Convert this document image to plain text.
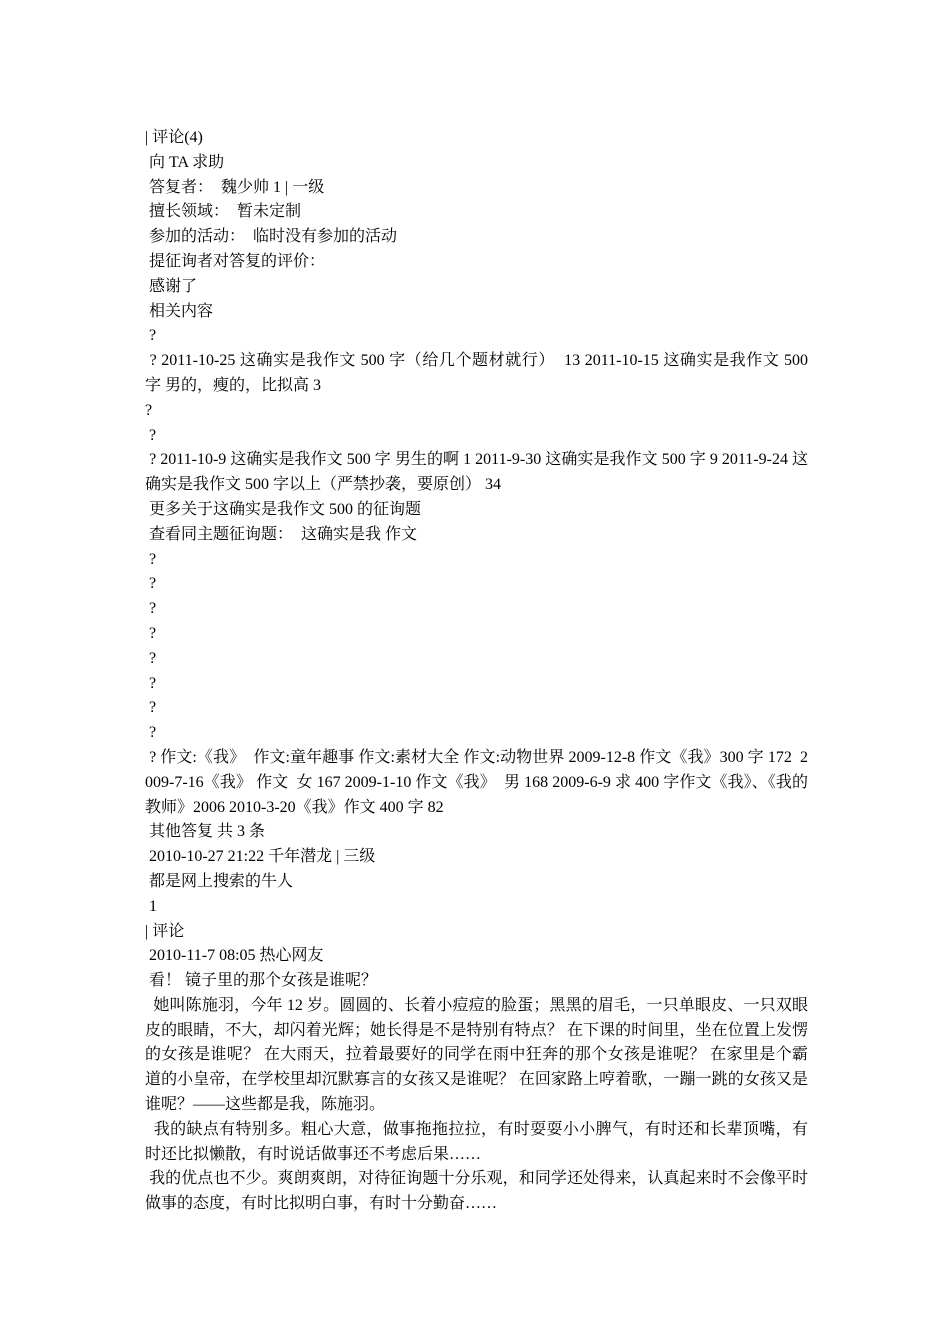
| 评论(4)
向 TA 求助
答复者：  魏少帅 1 | 一级
擅长领域：  暂未定制
参加的活动：  临时没有参加的活动
提征询者对答复的评价：
感谢了
相关内容
?
? 2011-10-25 这确实是我作文 500 字（给几个题材就行）  13 2011-10-15 这确实是我作文 500 字 男的，瘦的，比拟高 3
?
?
? 2011-10-9 这确实是我作文 500 字 男生的啊 1 2011-9-30 这确实是我作文 500 字 9 2011-9-24 这确实是我作文 500 字以上（严禁抄袭，要原创） 34
更多关于这确实是我作文 500 的征询题
查看同主题征询题：  这确实是我 作文
?
?
?
?
?
?
?
?
? 作文:《我》  作文:童年趣事 作文:素材大全 作文:动物世界 2009-12-8 作文《我》300 字 172  2009-7-16《我》 作文  女 167 2009-1-10 作文《我》  男 168 2009-6-9 求 400 字作文《我》、《我的教师》2006 2010-3-20《我》作文 400 字 82
其他答复 共 3 条
2010-10-27 21:22 千年潜龙 | 三级
都是网上搜索的牛人
1
| 评论
2010-11-7 08:05 热心网友
看！ 镜子里的那个女孩是谁呢？
她叫陈施羽，今年 12 岁。圆圆的、长着小痘痘的脸蛋；黑黑的眉毛，一只单眼皮、一只双眼皮的眼睛，不大，却闪着光辉；她长得是不是特别有特点？ 在下课的时间里，坐在位置上发愣的女孩是谁呢？ 在大雨天，拉着最要好的同学在雨中狂奔的那个女孩是谁呢？ 在家里是个霸道的小皇帝，在学校里却沉默寡言的女孩又是谁呢？ 在回家路上哼着歌，一蹦一跳的女孩又是谁呢？——这些都是我，陈施羽。
我的缺点有特别多。粗心大意，做事拖拖拉拉，有时耍耍小小脾气，有时还和长辈顶嘴，有时还比拟懒散，有时说话做事还不考虑后果……
我的优点也不少。爽朗爽朗，对待征询题十分乐观，和同学还处得来，认真起来时不会像平时做事的态度，有时比拟明白事，有时十分勤奋……
